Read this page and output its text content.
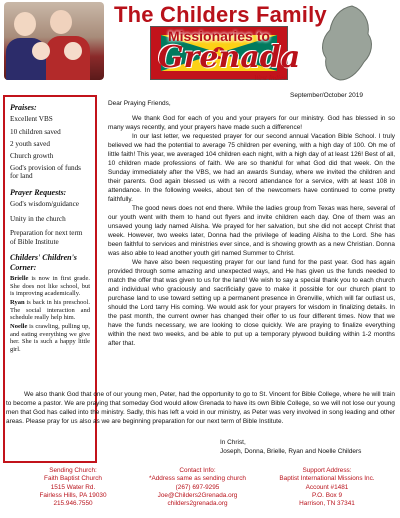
The Childers Family
Missionaries to
Grenada
West Indies
Praises:
Excellent VBS
10 children saved
2 youth saved
Church growth
God's provision of funds for land
Prayer Requests:
God's wisdom/guidance
Unity in the church
Preparation for next term of Bible Institute
Childers' Children's Corner:
Brielle is now in first grade. She does not like school, but is improving academically.
Ryan is back in his preschool. The social interaction and schedule really help him.
Noelle is crawling, pulling up, and eating everything we give her. She is such a happy little girl.
September/October 2019

Dear Praying Friends,

We thank God for each of you and your prayers for our ministry. God has blessed in so many ways recently, and your prayers have made such a difference!

In our last letter, we requested prayer for our second annual Vacation Bible School. I truly believed we had the potential to average 75 children per evening, with a high day of 100. Oh me of little faith! This year, we averaged 104 children each night, with a high day of at least 126! Best of all, 10 children made professions of faith. We are so thankful for what God did that week. On the Sunday immediately after the VBS, we had an awards Sunday, where we invited the children and their parents. God again blessed us with a record attendance for a service, with at least 108 in attendance. In the following weeks, about ten of the newcomers have continued to come pretty faithfully.

The good news does not end there. While the ladies group from Texas was here, several of our youth went with them to hand out flyers and invite children each day. One of them was an unsaved young lady named Alisha. We prayed for her salvation, but she did not accept Christ that week. However, two weeks later, Donna had the privilege of leading Alisha to the Lord. She has been faithful to services and ministries ever since, and is showing growth as a new Christian. Donna was also able to lead another youth girl named Summer to Christ.

We have also been requesting prayer for our land fund for the past year. God has again provided through some amazing and unexpected ways, and He has given us the funds needed to match the offer that was given to us for the land! We wish to say a special thank you to each church and individual who graciously and sacrificially gave to make it possible for our church plant to purchase land to use toward setting up a permanent presence in Grenville, which will far outlast us, should the Lord tarry His coming. We would ask for your prayers for wisdom in finalizing details. In the past month, the current owner has changed their offer to us four different times. Now that we have the funds necessary, we are looking to close quickly. We are praying to finalize everything within the next two weeks, and be able to put up a temporary plywood building within 1-2 months after that.

We also thank God that one of our young men, Peter, had the opportunity to go to St. Vincent for Bible College, where he will train to become a pastor. We are praying that someday God would allow Grenada to have its own Bible College, so we will not lose our young men that God has called into the ministry. Sadly, this has left a void in our ministry, as Peter was very involved in song leading and other areas. Please pray for us also as we are beginning preparation for our next term of Bible Institute.

In Christ,
Joseph, Donna, Brielle, Ryan and Noelle Childers
Sending Church:
Faith Baptist Church
1515 Water Rd.
Fairless Hills, PA 19030
215.946.7550
Contact Info:
*Address same as sending church
(267) 697-9295
Joe@Childers2Grenada.org
childers2grenada.org
Support Address:
Baptist International Missions Inc.
Account #1481
P.O. Box 9
Harrison, TN 37341
